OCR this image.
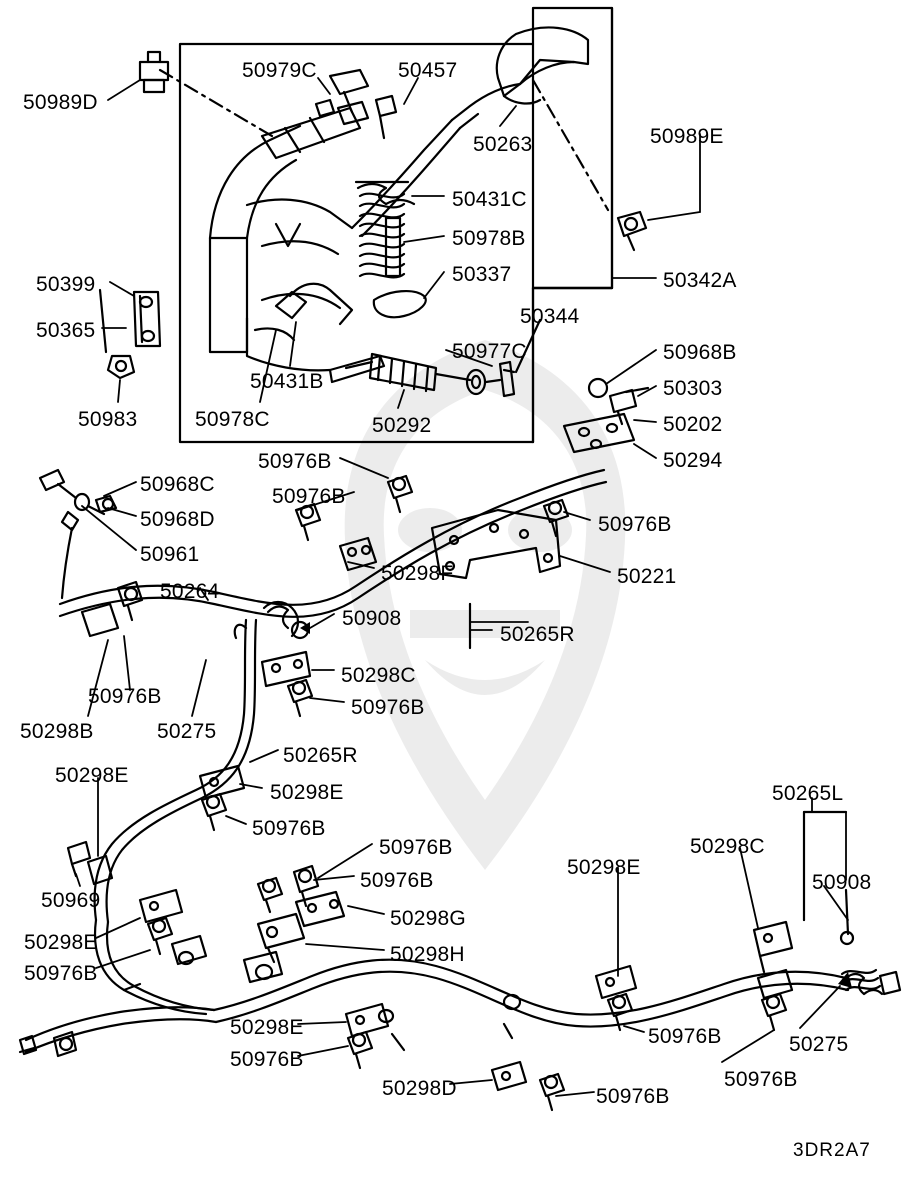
50989D
50979C	50457
50263	50989E
50431C
50978B
50337	50342A
50399
50344
50365
50977C	50968B
50303
50983
50431B
50978C	50292	50202
50294
50976B
50968C
50976B
50968D	50976B
50961
50298F	50221
50264
50908
50265R
50298C
50976B
50976B
50298B	50275
50265R
50298E
50298E	50265L
50976B
50298C
50976B
50298E
50976B	50908
50969
50298G
50298E
50298H
50976B
50976B	50275
50298E
50976B
50976B
50298D	50976B
3DR2A7
